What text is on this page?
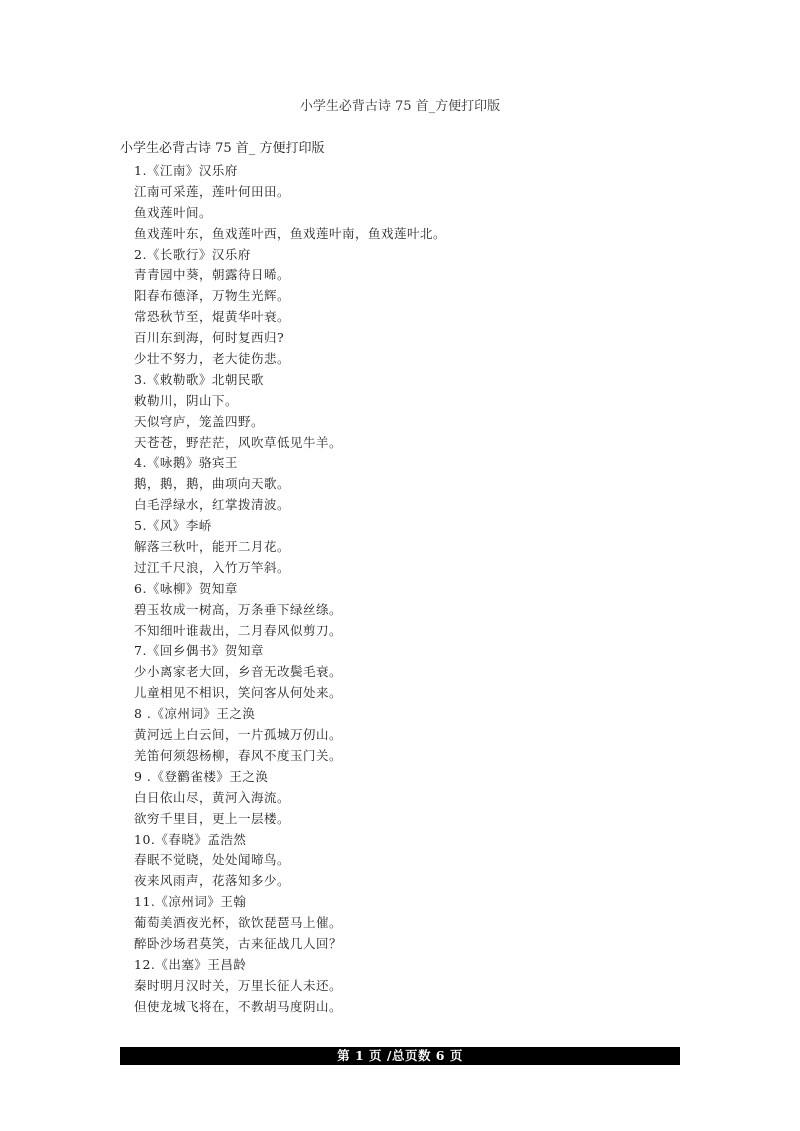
小学生必背古诗 75 首_方便打印版
小学生必背古诗 75 首_ 方便打印版
1.《江南》汉乐府
江南可采莲，莲叶何田田。
鱼戏莲叶间。
鱼戏莲叶东，鱼戏莲叶西，鱼戏莲叶南，鱼戏莲叶北。
2.《长歌行》汉乐府
青青园中葵，朝露待日晞。
阳春布德泽，万物生光辉。
常恐秋节至，焜黄华叶衰。
百川东到海，何时复西归?
少壮不努力，老大徒伤悲。
3.《敕勒歌》北朝民歌
敕勒川，阴山下。
天似穹庐，笼盖四野。
天苍苍，野茫茫，风吹草低见牛羊。
4.《咏鹅》骆宾王
鹅，鹅，鹅，曲项向天歌。
白毛浮绿水，红掌拨清波。
5.《风》李峤
解落三秋叶，能开二月花。
过江千尺浪，入竹万竿斜。
6.《咏柳》贺知章
碧玉妆成一树高，万条垂下绿丝绦。
不知细叶谁裁出，二月春风似剪刀。
7.《回乡偶书》贺知章
少小离家老大回，乡音无改鬓毛衰。
儿童相见不相识，笑问客从何处来。
8 .《凉州词》王之涣
黄河远上白云间，一片孤城万仞山。
羌笛何须怨杨柳，春风不度玉门关。
9 .《登鹳雀楼》王之涣
白日依山尽，黄河入海流。
欲穷千里目，更上一层楼。
10.《春晓》孟浩然
春眠不觉晓，处处闻啼鸟。
夜来风雨声，花落知多少。
11.《凉州词》王翰
葡萄美酒夜光杯，欲饮琵琶马上催。
醉卧沙场君莫笑，古来征战几人回？
12.《出塞》王昌龄
秦时明月汉时关，万里长征人未还。
但使龙城飞将在，不教胡马度阴山。
第 1 页 /总页数 6 页
